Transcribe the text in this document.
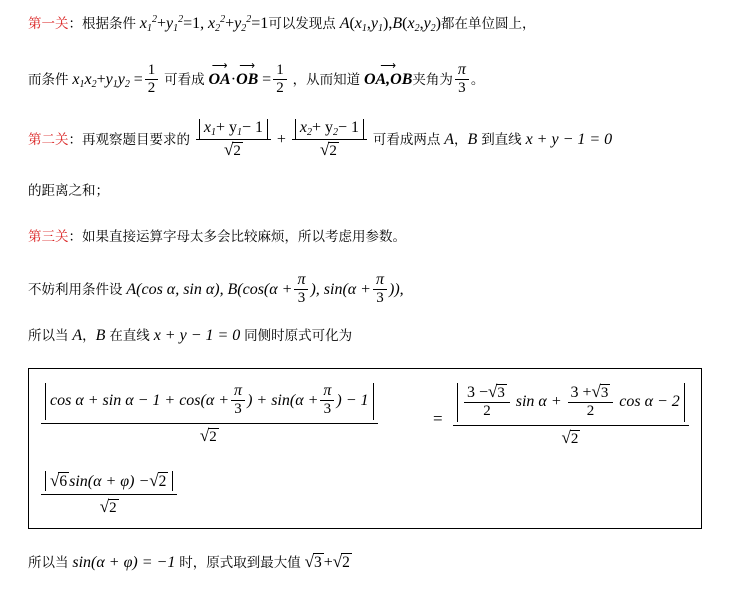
第一关：根据条件 $x_1^2+y_1^2=1$, $x_2^2+y_2^2=1$可以发现点 $A(x_1,y_1),B(x_2,y_2)$都在单位圆上，
而条件 $x_1x_2+y_1y_2 = \frac{1}{2}$ 可看成
⟶
OA·
⟶
OB = $\frac{1}{2}$ ，从而知道
⟶
OA,OB夹角为 $\frac{\pi}{3}$ 。
第二关：再观察题目要求的 $\frac{x_1+ y_1- 1}{√2} + \frac{x_2+ y_2- 1}{√2}$ 可看成两点 A，B 到直线 x + y − 1 = 0
的距离之和；
第三关：如果直接运算字母太多会比较麻烦，所以考虑用参数。
不妨利用条件设 A(cos α, sin α), $B(\cos(\alpha + \frac{\pi}{3}$ ), $\sin(\alpha + \frac{\pi}{3}$ )),
所以当 A，B 在直线 x + y − 1 = 0 同侧时原式可化为
$\frac{\cos \alpha + \sin \alpha - 1 + \cos(\alpha + \frac{\pi}{3} ) + \sin(\alpha + \frac{\pi}{3} ) - 1}{√2}$	= $\frac{3 -√3}{2}$ $\sin \alpha + \frac{3 +√3}{2}$ cos α − 2
√2
$\frac{√6 \sin(\alpha + \varphi) -√2}{√2}$
所以当 sin(α + φ) = −1 时，原式取到最大值 √3 +√2
